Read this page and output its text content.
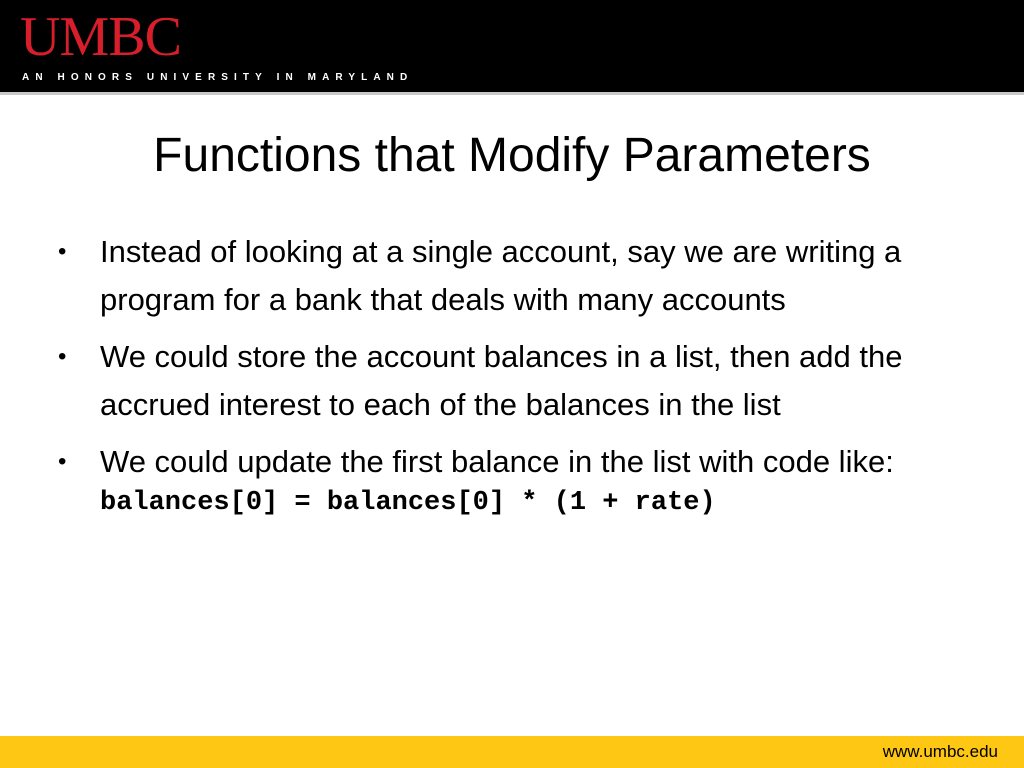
UMBC
AN HONORS UNIVERSITY IN MARYLAND
Functions that Modify Parameters
•	Instead of looking at a single account, say we are writing a program for a bank that deals with many accounts
•	We could store the account balances in a list, then add the accrued interest to each of the balances in the list
•	We could update the first balance in the list with code like:
balances[0] = balances[0] * (1 + rate)
www.umbc.edu
